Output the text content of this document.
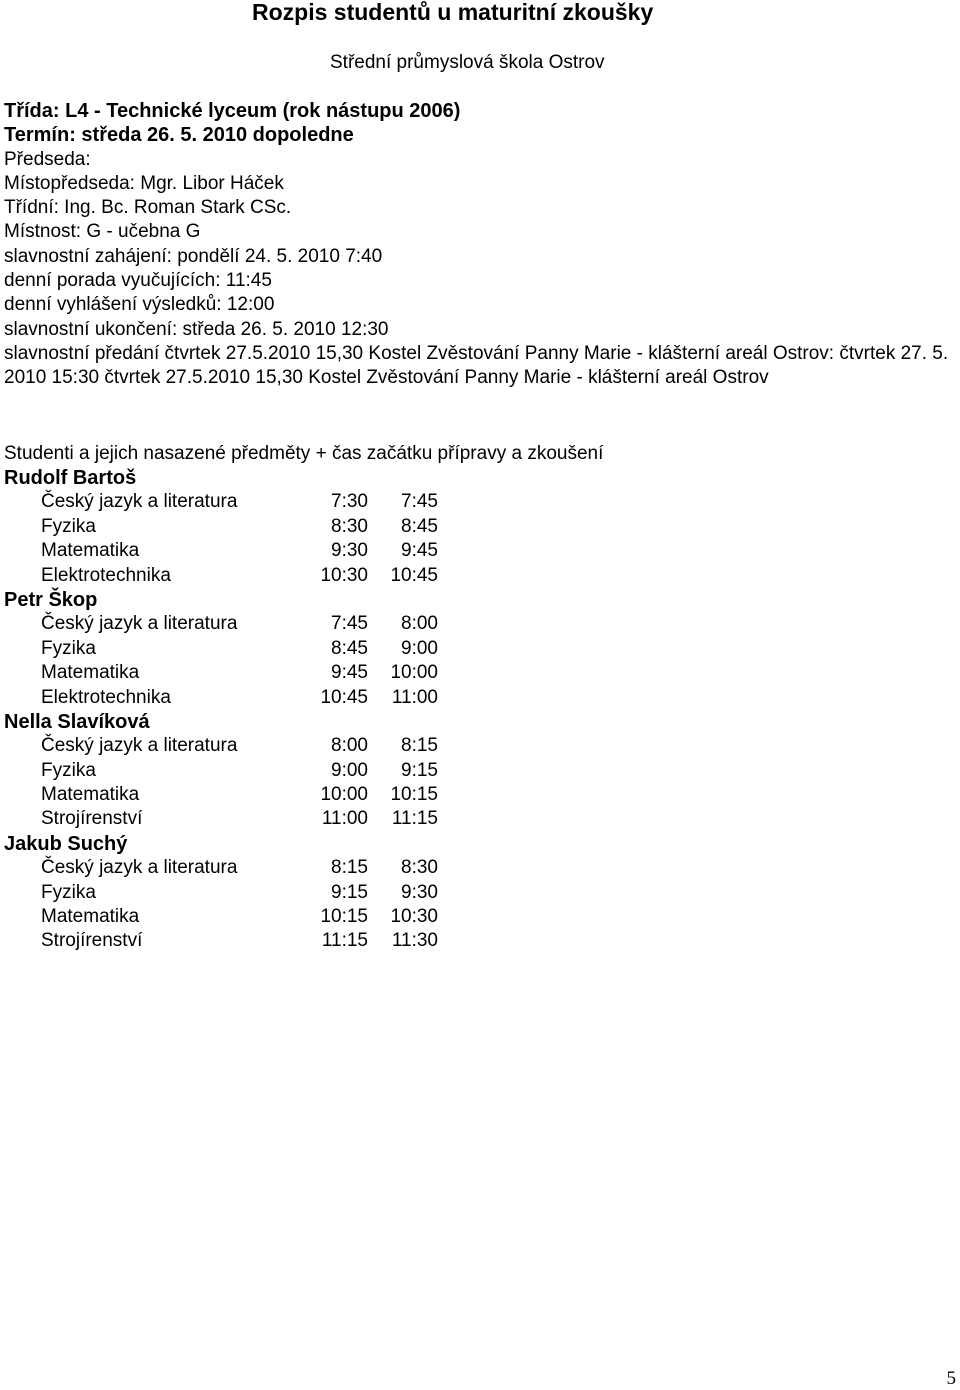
Rozpis studentů u maturitní zkoušky
Střední průmyslová škola Ostrov
Třída: L4 - Technické lyceum (rok nástupu 2006)
Termín: středa 26. 5. 2010 dopoledne
Předseda:
Místopředseda: Mgr. Libor Háček
Třídní: Ing. Bc. Roman Stark CSc.
Místnost: G - učebna G
slavnostní zahájení: pondělí 24. 5. 2010 7:40
denní porada vyučujících: 11:45
denní vyhlášení výsledků: 12:00
slavnostní ukončení: středa 26. 5. 2010 12:30
slavnostní předání čtvrtek 27.5.2010 15,30 Kostel Zvěstování Panny Marie - klášterní areál Ostrov: čtvrtek 27. 5. 2010 15:30 čtvrtek 27.5.2010 15,30 Kostel Zvěstování Panny Marie - klášterní areál Ostrov
Studenti a jejich nasazené předměty + čas začátku přípravy a zkoušení
Rudolf Bartoš
Český jazyk a literatura	7:30 7:45
Fyzika	8:30 8:45
Matematika	9:30 9:45
Elektrotechnika	10:30 10:45
Petr Škop
Český jazyk a literatura	7:45 8:00
Fyzika	8:45 9:00
Matematika	9:45 10:00
Elektrotechnika	10:45 11:00
Nella Slavíková
Český jazyk a literatura	8:00 8:15
Fyzika	9:00 9:15
Matematika	10:00 10:15
Strojírenství	11:00 11:15
Jakub Suchý
Český jazyk a literatura	8:15 8:30
Fyzika	9:15 9:30
Matematika	10:15 10:30
Strojírenství	11:15 11:30
5
